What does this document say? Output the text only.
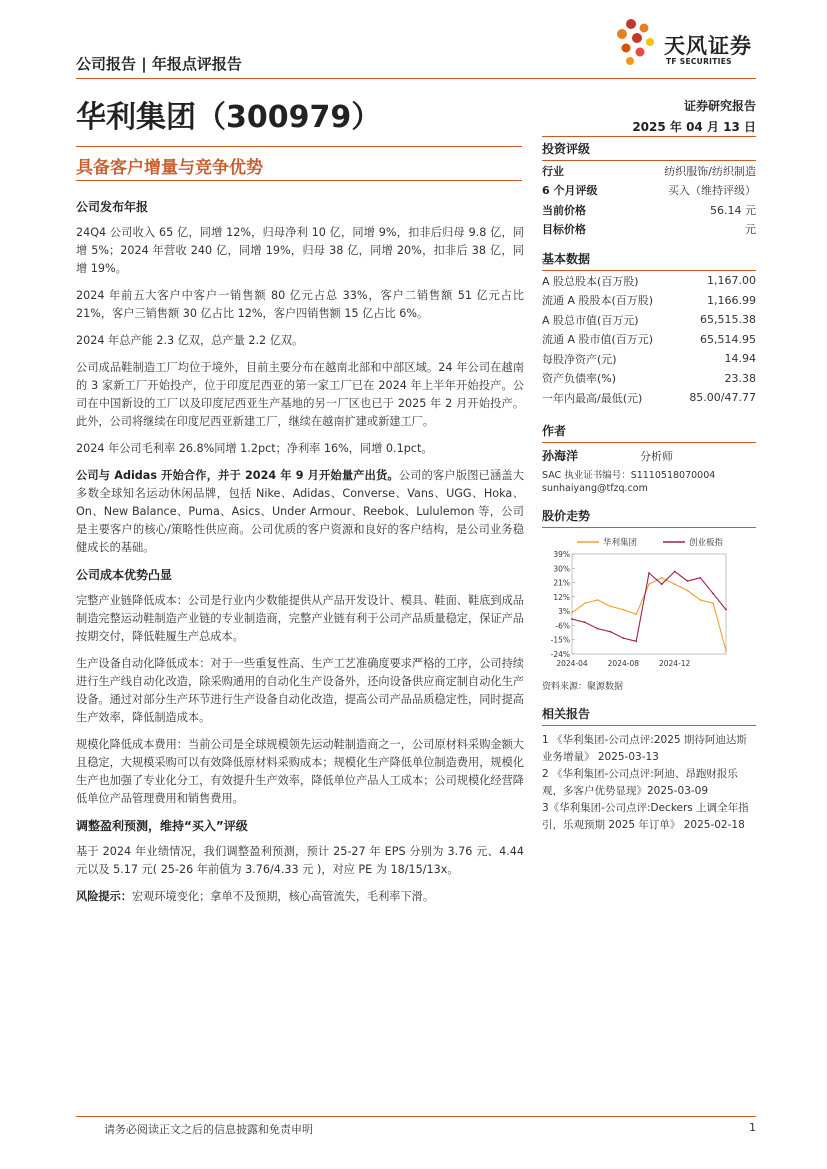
公司报告 | 年报点评报告
天风证券
TF SECURITIES
华利集团（300979）	证券研究报告
2025 年 04 月 13 日
具备客户增量与竞争优势
公司发布年报

24Q4 公司收入 65 亿，同增 12%，归母净利 10 亿，同增 9%，扣非后归母 9.8 亿，同增 5%；2024 年营收 240 亿，同增 19%，归母 38 亿，同增 20%，扣非后 38 亿，同增 19%。

2024 年前五大客户中客户一销售额 80 亿元占总 33%，客户二销售额 51 亿元占比 21%，客户三销售额 30 亿占比 12%，客户四销售额 15 亿占比 6%。

2024 年总产能 2.3 亿双，总产量 2.2 亿双。

公司成品鞋制造工厂均位于境外，目前主要分布在越南北部和中部区域。24 年公司在越南的 3 家新工厂开始投产，位于印度尼西亚的第一家工厂已在 2024 年上半年开始投产。公司在中国新设的工厂以及印度尼西亚生产基地的另一厂区也已于 2025 年 2 月开始投产。此外，公司将继续在印度尼西亚新建工厂，继续在越南扩建或新建工厂。

2024 年公司毛利率 26.8%同增 1.2pct；净利率 16%，同增 0.1pct。

公司与 Adidas 开始合作，并于 2024 年 9 月开始量产出货。公司的客户版图已涵盖大多数全球知名运动休闲品牌，包括 Nike、Adidas、Converse、Vans、UGG、Hoka、On、New Balance、Puma、Asics、Under Armour、Reebok、Lululemon 等，公司是主要客户的核心/策略性供应商。公司优质的客户资源和良好的客户结构，是公司业务稳健成长的基础。

公司成本优势凸显

完整产业链降低成本：公司是行业内少数能提供从产品开发设计、模具、鞋面、鞋底到成品制造完整运动鞋制造产业链的专业制造商，完整产业链有利于公司产品质量稳定，保证产品按期交付，降低鞋履生产总成本。

生产设备自动化降低成本：对于一些重复性高、生产工艺准确度要求严格的工序，公司持续进行生产线自动化改造，除采购通用的自动化生产设备外，还向设备供应商定制自动化生产设备。通过对部分生产环节进行生产设备自动化改造，提高公司产品品质稳定性，同时提高生产效率，降低制造成本。

规模化降低成本费用：当前公司是全球规模领先运动鞋制造商之一，公司原材料采购金额大且稳定，大规模采购可以有效降低原材料采购成本；规模化生产降低单位制造费用，规模化生产也加强了专业化分工，有效提升生产效率，降低单位产品人工成本；公司规模化经营降低单位产品管理费用和销售费用。

调整盈利预测，维持“买入”评级

基于 2024 年业绩情况，我们调整盈利预测，预计 25-27 年 EPS 分别为 3.76 元、4.44 元以及 5.17 元( 25-26 年前值为 3.76/4.33 元 )，对应 PE 为 18/15/13x。

风险提示：宏观环境变化；拿单不及预期，核心高管流失，毛利率下滑。

投资评级
行业	纺织服饰/纺织制造
6 个月评级	买入（维持评级）
当前价格	56.14 元
目标价格	元
基本数据
A 股总股本(百万股)	1,167.00
流通 A 股股本(百万股)	1,166.99
A 股总市值(百万元)	65,515.38
流通 A 股市值(百万元)	65,514.95
每股净资产(元)	14.94
资产负债率(%)	23.38
一年内最高/最低(元)	85.00/47.77
作者
孙海洋	分析师
SAC 执业证书编号：S1110518070004
sunhaiyang@tfzq.com
股价走势
39%
30%
21%
12%
3%
-6%
-15%
-24%
2024-04	2024-08	2024-12
华利集团	创业板指
资料来源：聚源数据
相关报告
1 《华利集团-公司点评:2025 期待阿迪达斯业务增量》 2025-03-13
2 《华利集团-公司点评:阿迪、昂跑财报乐观，多客户优势显现》2025-03-09
3《华利集团-公司点评:Deckers 上调全年指引，乐观预期 2025 年订单》 2025-02-18
请务必阅读正文之后的信息披露和免责申明	1
